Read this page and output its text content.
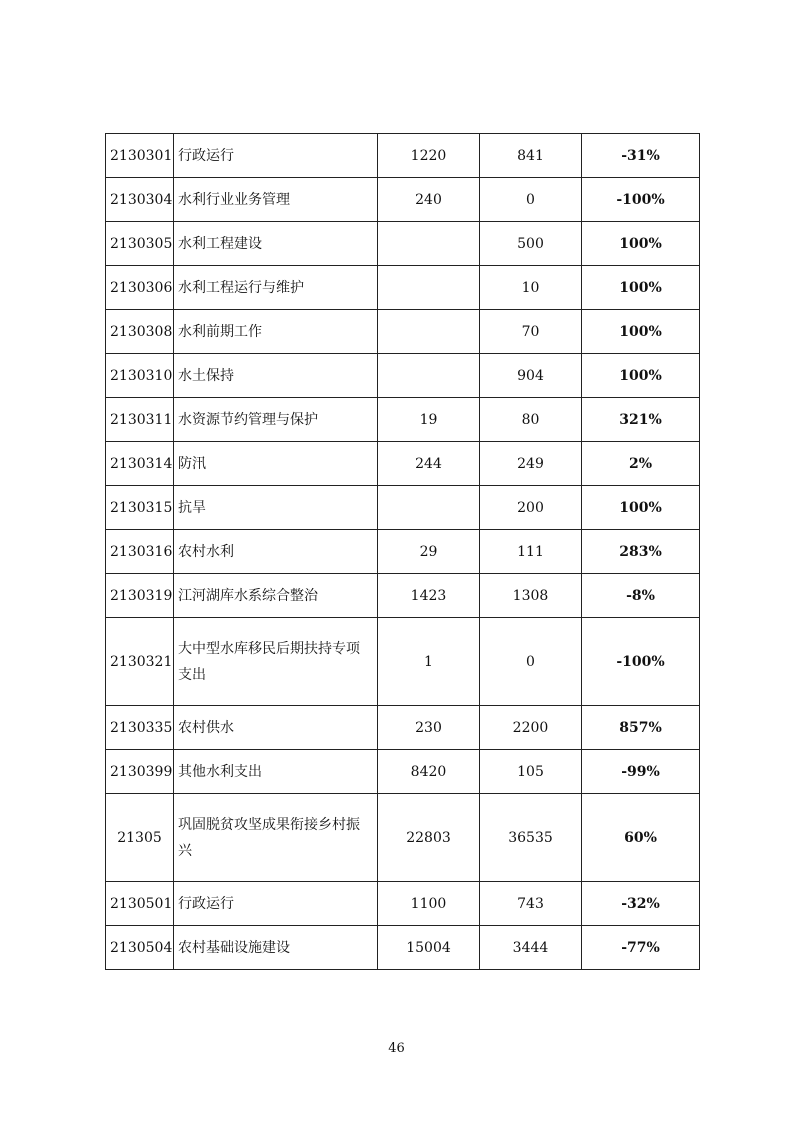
2130301	行政运行	1220	841	-31%
2130304	水利行业业务管理	240	0	-100%
2130305	水利工程建设		500	100%
2130306	水利工程运行与维护		10	100%
2130308	水利前期工作		70	100%
2130310	水土保持		904	100%
2130311	水资源节约管理与保护	19	80	321%
2130314	防汛	244	249	2%
2130315	抗旱		200	100%
2130316	农村水利	29	111	283%
2130319	江河湖库水系综合整治	1423	1308	-8%
2130321	大中型水库移民后期扶持专项支出	1	0	-100%
2130335	农村供水	230	2200	857%
2130399	其他水利支出	8420	105	-99%
21305	巩固脱贫攻坚成果衔接乡村振兴	22803	36535	60%
2130501	行政运行	1100	743	-32%
2130504	农村基础设施建设	15004	3444	-77%
46
